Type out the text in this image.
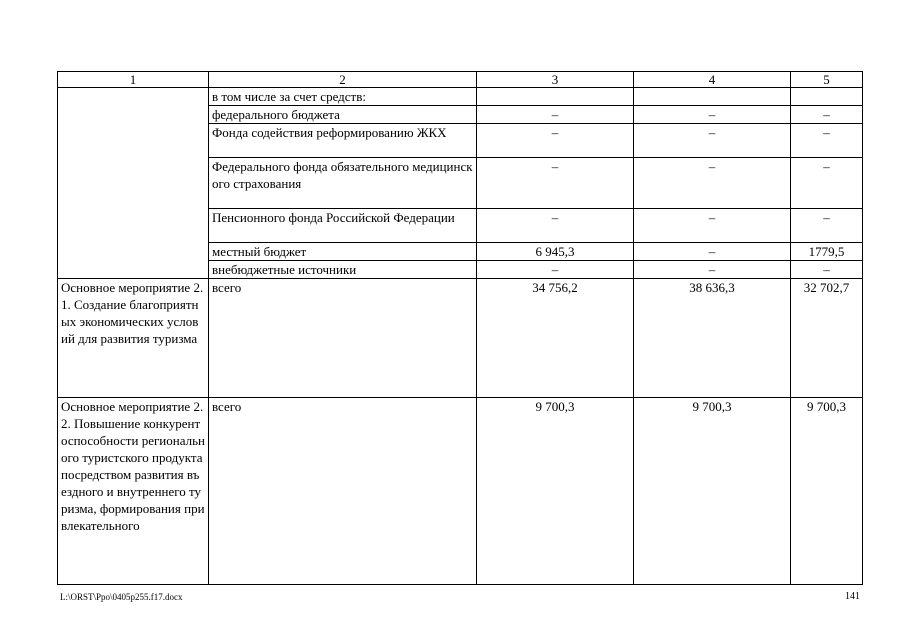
1	2	3	4	5
	в том числе за счет средств:			
	федерального бюджета	–	–	–
	Фонда содействия реформированию ЖКХ	–	–	–
	Федерального фонда обязательного медицинского страхования	–	–	–
	Пенсионного фонда Российской Федерации	–	–	–
	местный бюджет	6 945,3	–	1779,5
	внебюджетные источники	–	–	–
Основное мероприятие 2.1. Создание благоприятных экономических условий для развития туризма	всего	34 756,2	38 636,3	32 702,7
Основное мероприятие 2.2. Повышение конкурентоспособности регионального туристского продукта посредством развития въездного и внутреннего туризма, формирования привлекательного	всего	9 700,3	9 700,3	9 700,3
L:\ORST\Ppo\0405p255.f17.docx	141
